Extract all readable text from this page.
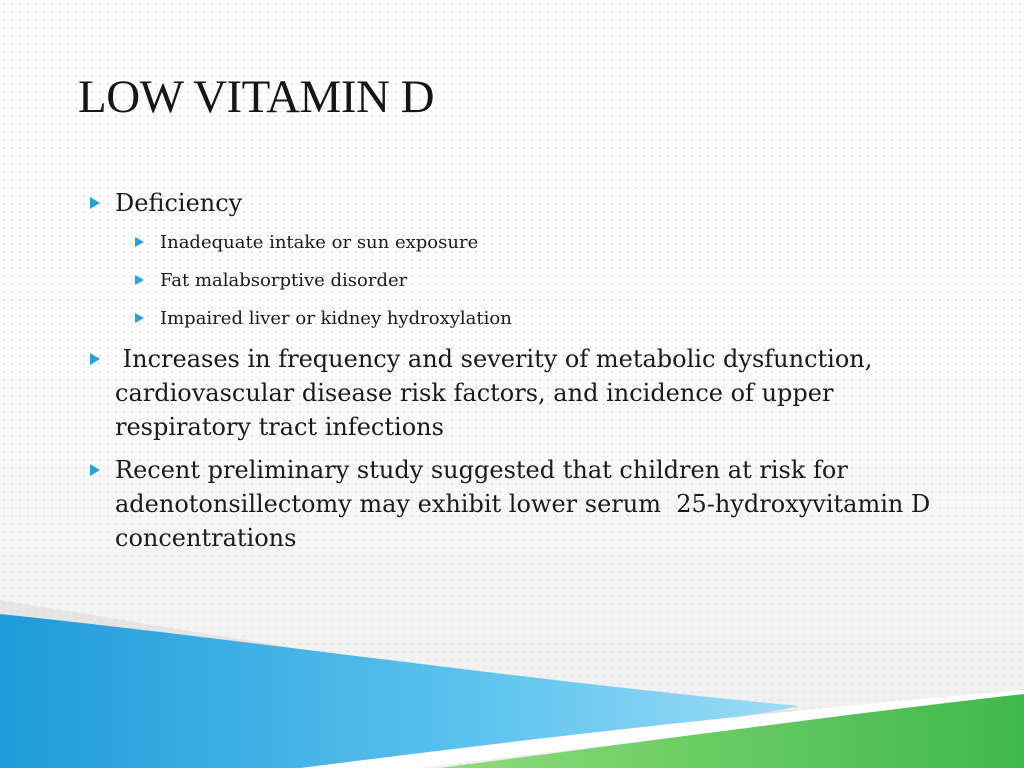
LOW VITAMIN D
Deficiency
Inadequate intake or sun exposure
Fat malabsorptive disorder
Impaired liver or kidney hydroxylation
Increases in frequency and severity of metabolic dysfunction, cardiovascular disease risk factors, and incidence of upper respiratory tract infections
Recent preliminary study suggested that children at risk for adenotonsillectomy may exhibit lower serum  25-hydroxyvitamin D concentrations
